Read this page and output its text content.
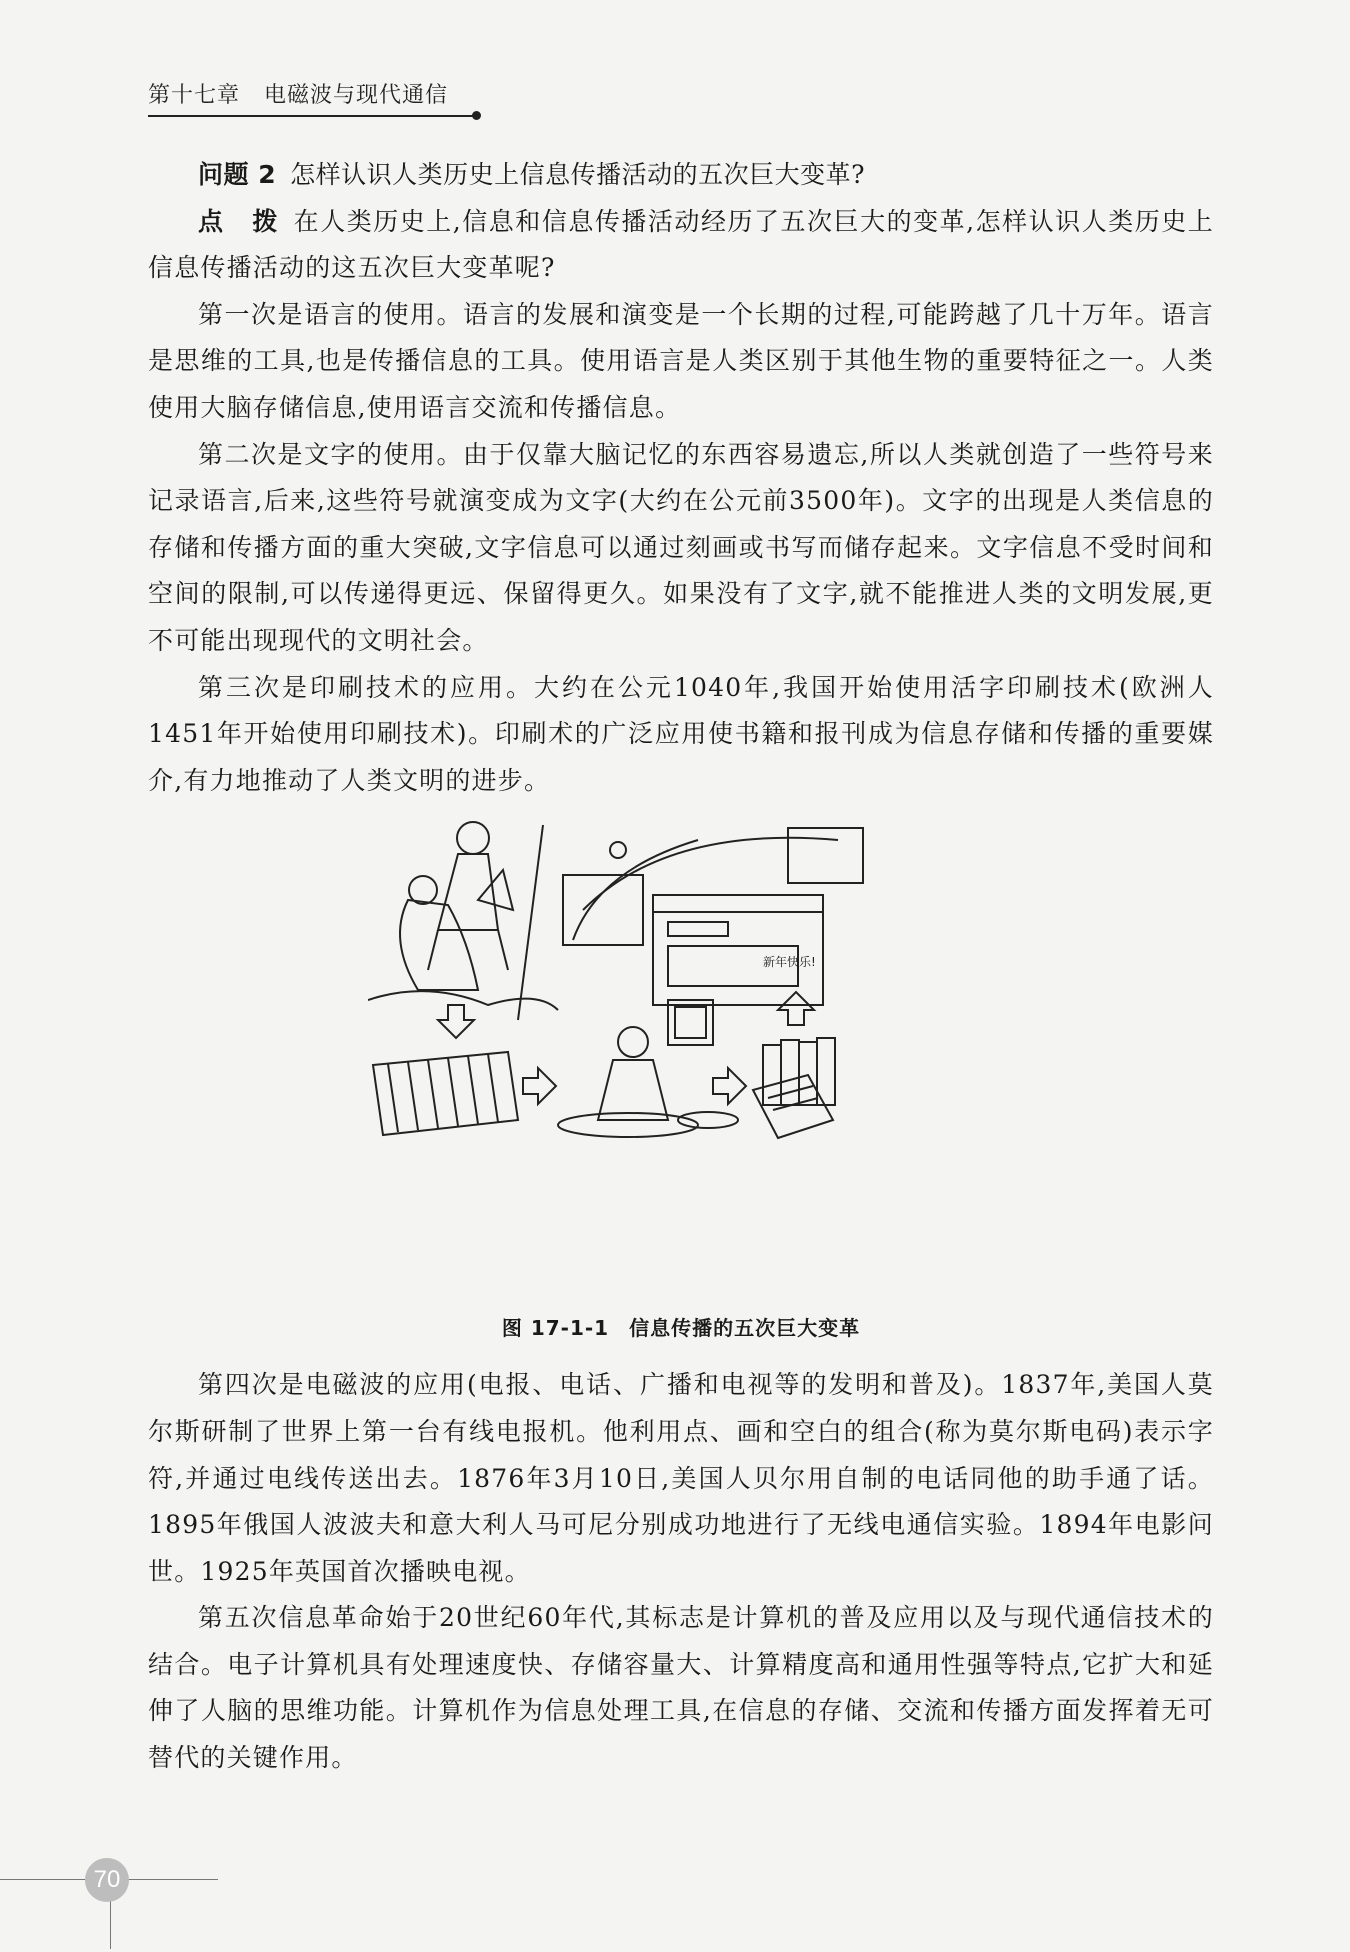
第十七章 电磁波与现代通信

问题 2 怎样认识人类历史上信息传播活动的五次巨大变革?

点 拨 在人类历史上,信息和信息传播活动经历了五次巨大的变革,怎样认识人类历史上信息传播活动的这五次巨大变革呢?

第一次是语言的使用。语言的发展和演变是一个长期的过程,可能跨越了几十万年。语言是思维的工具,也是传播信息的工具。使用语言是人类区别于其他生物的重要特征之一。人类使用大脑存储信息,使用语言交流和传播信息。

第二次是文字的使用。由于仅靠大脑记忆的东西容易遗忘,所以人类就创造了一些符号来记录语言,后来,这些符号就演变成为文字(大约在公元前3500年)。文字的出现是人类信息的存储和传播方面的重大突破,文字信息可以通过刻画或书写而储存起来。文字信息不受时间和空间的限制,可以传递得更远、保留得更久。如果没有了文字,就不能推进人类的文明发展,更不可能出现现代的文明社会。

第三次是印刷技术的应用。大约在公元1040年,我国开始使用活字印刷技术(欧洲人1451年开始使用印刷技术)。印刷术的广泛应用使书籍和报刊成为信息存储和传播的重要媒介,有力地推动了人类文明的进步。

新年快乐!
图 17-1-1 信息传播的五次巨大变革

第四次是电磁波的应用(电报、电话、广播和电视等的发明和普及)。1837年,美国人莫尔斯研制了世界上第一台有线电报机。他利用点、画和空白的组合(称为莫尔斯电码)表示字符,并通过电线传送出去。1876年3月10日,美国人贝尔用自制的电话同他的助手通了话。1895年俄国人波波夫和意大利人马可尼分别成功地进行了无线电通信实验。1894年电影问世。1925年英国首次播映电视。

第五次信息革命始于20世纪60年代,其标志是计算机的普及应用以及与现代通信技术的结合。电子计算机具有处理速度快、存储容量大、计算精度高和通用性强等特点,它扩大和延伸了人脑的思维功能。计算机作为信息处理工具,在信息的存储、交流和传播方面发挥着无可替代的关键作用。

70
